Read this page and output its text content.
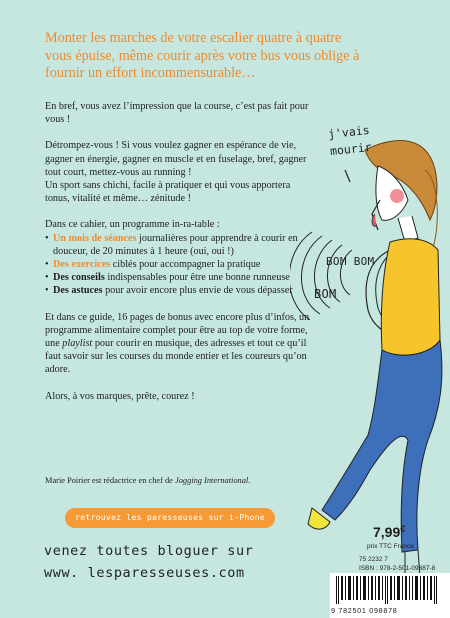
Monter les marches de votre escalier quatre à quatre vous épuise, même courir après votre bus vous oblige à fournir un effort incommensurable…

En bref, vous avez l’impression que la course, c’est pas fait pour vous !

Détrompez-vous ! Si vous voulez gagner en espérance de vie, gagner en énergie, gagner en muscle et en fuselage, bref, gagner tout court, mettez-vous au running !

Un sport sans chichi, facile à pratiquer et qui vous apportera tonus, vitalité et même… zénitude !

Dans ce cahier, un programme in-ra-table :

• Un mois de séances journalières pour apprendre à courir en douceur, de 20 minutes à 1 heure (oui, oui !)
• Des exercices ciblés pour accompagner la pratique
• Des conseils indispensables pour être une bonne runneuse
• Des astuces pour avoir encore plus envie de vous dépasser

Et dans ce guide, 16 pages de bonus avec encore plus d’infos, un programme alimentaire complet pour être au top de votre forme, une playlist pour courir en musique, des adresses et tout ce qu’il faut savoir sur les courses du monde entier et les coureurs qu’on adore.

Alors, à vos marques, prête, courez !

Marie Poirier est rédactrice en chef de Jogging International.
retrouvez les paresseuses sur i-Phone
venez toutes bloguer sur
www. lesparesseuses.com
j'vais
mourir
BOM BOM
BOM
7,99€
prix TTC France
75 2232 7
ISBN : 978-2-501-09887-8
9 782501 098878
